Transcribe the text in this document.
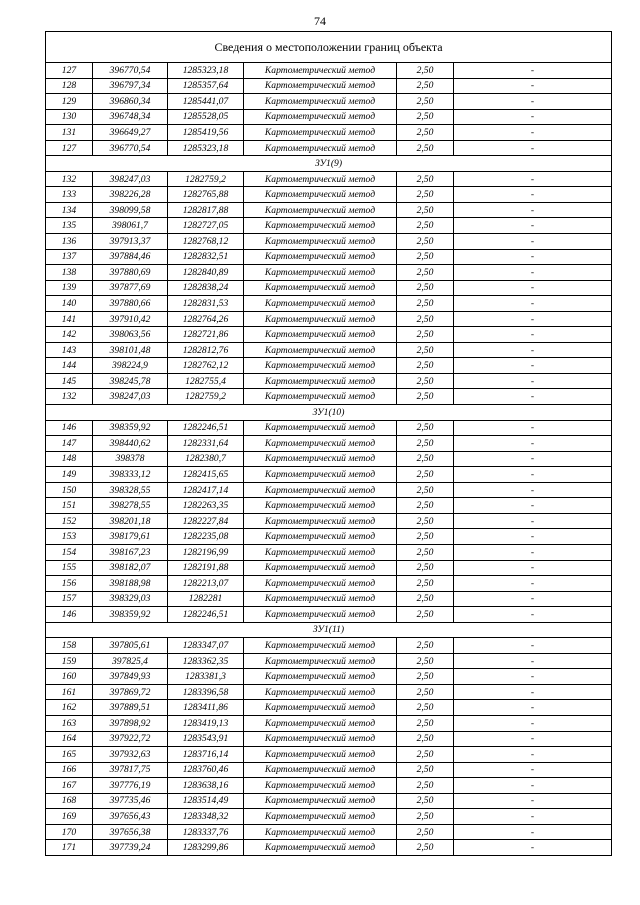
74
Сведения о местоположении границ объекта					
127	396770,54	1285323,18	Картометрический метод	2,50	-
128	396797,34	1285357,64	Картометрический метод	2,50	-
129	396860,34	1285441,07	Картометрический метод	2,50	-
130	396748,34	1285528,05	Картометрический метод	2,50	-
131	396649,27	1285419,56	Картометрический метод	2,50	-
127	396770,54	1285323,18	Картометрический метод	2,50	-
ЗУ1(9)					
132	398247,03	1282759,2	Картометрический метод	2,50	-
133	398226,28	1282765,88	Картометрический метод	2,50	-
134	398099,58	1282817,88	Картометрический метод	2,50	-
135	398061,7	1282727,05	Картометрический метод	2,50	-
136	397913,37	1282768,12	Картометрический метод	2,50	-
137	397884,46	1282832,51	Картометрический метод	2,50	-
138	397880,69	1282840,89	Картометрический метод	2,50	-
139	397877,69	1282838,24	Картометрический метод	2,50	-
140	397880,66	1282831,53	Картометрический метод	2,50	-
141	397910,42	1282764,26	Картометрический метод	2,50	-
142	398063,56	1282721,86	Картометрический метод	2,50	-
143	398101,48	1282812,76	Картометрический метод	2,50	-
144	398224,9	1282762,12	Картометрический метод	2,50	-
145	398245,78	1282755,4	Картометрический метод	2,50	-
132	398247,03	1282759,2	Картометрический метод	2,50	-
ЗУ1(10)					
146	398359,92	1282246,51	Картометрический метод	2,50	-
147	398440,62	1282331,64	Картометрический метод	2,50	-
148	398378	1282380,7	Картометрический метод	2,50	-
149	398333,12	1282415,65	Картометрический метод	2,50	-
150	398328,55	1282417,14	Картометрический метод	2,50	-
151	398278,55	1282263,35	Картометрический метод	2,50	-
152	398201,18	1282227,84	Картометрический метод	2,50	-
153	398179,61	1282235,08	Картометрический метод	2,50	-
154	398167,23	1282196,99	Картометрический метод	2,50	-
155	398182,07	1282191,88	Картометрический метод	2,50	-
156	398188,98	1282213,07	Картометрический метод	2,50	-
157	398329,03	1282281	Картометрический метод	2,50	-
146	398359,92	1282246,51	Картометрический метод	2,50	-
ЗУ1(11)					
158	397805,61	1283347,07	Картометрический метод	2,50	-
159	397825,4	1283362,35	Картометрический метод	2,50	-
160	397849,93	1283381,3	Картометрический метод	2,50	-
161	397869,72	1283396,58	Картометрический метод	2,50	-
162	397889,51	1283411,86	Картометрический метод	2,50	-
163	397898,92	1283419,13	Картометрический метод	2,50	-
164	397922,72	1283543,91	Картометрический метод	2,50	-
165	397932,63	1283716,14	Картометрический метод	2,50	-
166	397817,75	1283760,46	Картометрический метод	2,50	-
167	397776,19	1283638,16	Картометрический метод	2,50	-
168	397735,46	1283514,49	Картометрический метод	2,50	-
169	397656,43	1283348,32	Картометрический метод	2,50	-
170	397656,38	1283337,76	Картометрический метод	2,50	-
171	397739,24	1283299,86	Картометрический метод	2,50	-
